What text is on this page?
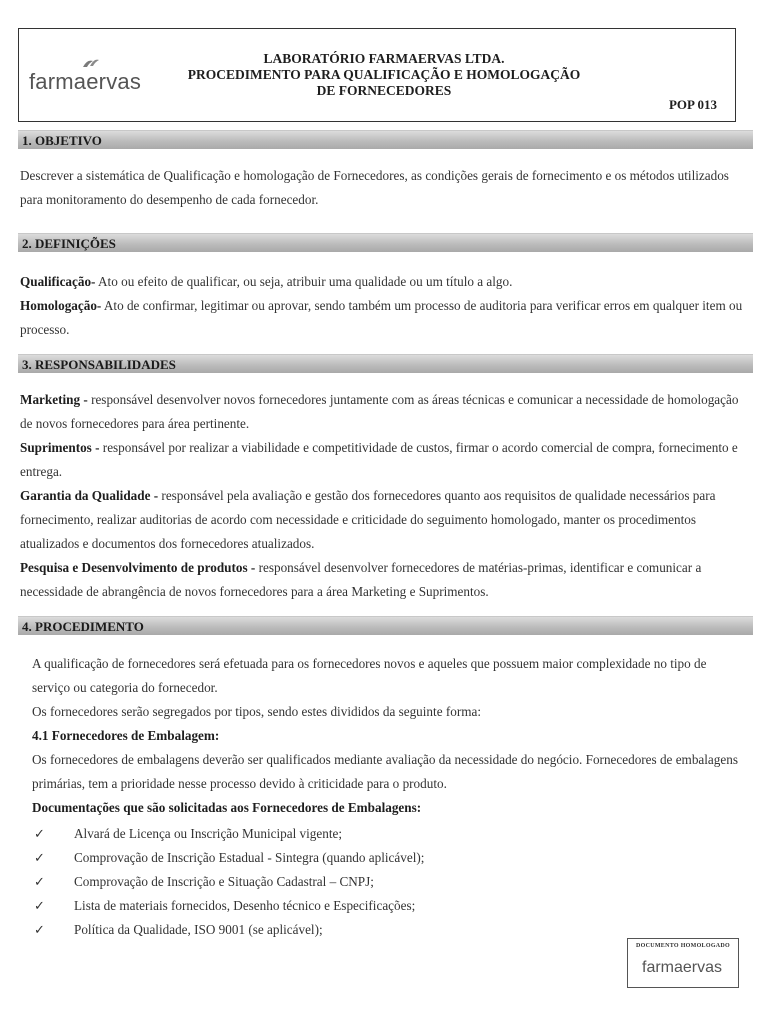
farmaervas
LABORATÓRIO FARMAERVAS LTDA.
PROCEDIMENTO PARA QUALIFICAÇÃO E HOMOLOGAÇÃO
DE FORNECEDORES
POP 013
1. OBJETIVO
Descrever a sistemática de Qualificação e homologação de Fornecedores, as condições gerais de fornecimento e os métodos utilizados para monitoramento do desempenho de cada fornecedor.
2. DEFINIÇÕES
Qualificação- Ato ou efeito de qualificar, ou seja, atribuir uma qualidade ou um título a algo.
Homologação- Ato de confirmar, legitimar ou aprovar, sendo também um processo de auditoria para verificar erros em qualquer item ou processo.
3. RESPONSABILIDADES
Marketing - responsável desenvolver novos fornecedores juntamente com as áreas técnicas e comunicar a necessidade de homologação de novos fornecedores para área pertinente.
Suprimentos - responsável por realizar a viabilidade e competitividade de custos, firmar o acordo comercial de compra, fornecimento e entrega.
Garantia da Qualidade - responsável pela avaliação e gestão dos fornecedores quanto aos requisitos de qualidade necessários para fornecimento, realizar auditorias de acordo com necessidade e criticidade do seguimento homologado, manter os procedimentos atualizados e documentos dos fornecedores atualizados.
Pesquisa e Desenvolvimento de produtos - responsável desenvolver fornecedores de matérias-primas, identificar e comunicar a necessidade de abrangência de novos fornecedores para a área Marketing e Suprimentos.
4. PROCEDIMENTO
A qualificação de fornecedores será efetuada para os fornecedores novos e aqueles que possuem maior complexidade no tipo de serviço ou categoria do fornecedor.
Os fornecedores serão segregados por tipos, sendo estes divididos da seguinte forma:
4.1 Fornecedores de Embalagem:
Os fornecedores de embalagens deverão ser qualificados mediante avaliação da necessidade do negócio. Fornecedores de embalagens primárias, tem a prioridade nesse processo devido à criticidade para o produto.
Documentações que são solicitadas aos Fornecedores de Embalagens:
✓ Alvará de Licença ou Inscrição Municipal vigente;
✓ Comprovação de Inscrição Estadual - Sintegra (quando aplicável);
✓ Comprovação de Inscrição e Situação Cadastral – CNPJ;
✓ Lista de materiais fornecidos, Desenho técnico e Especificações;
✓ Política da Qualidade, ISO 9001 (se aplicável);
DOCUMENTO HOMOLOGADO
farmaervas
